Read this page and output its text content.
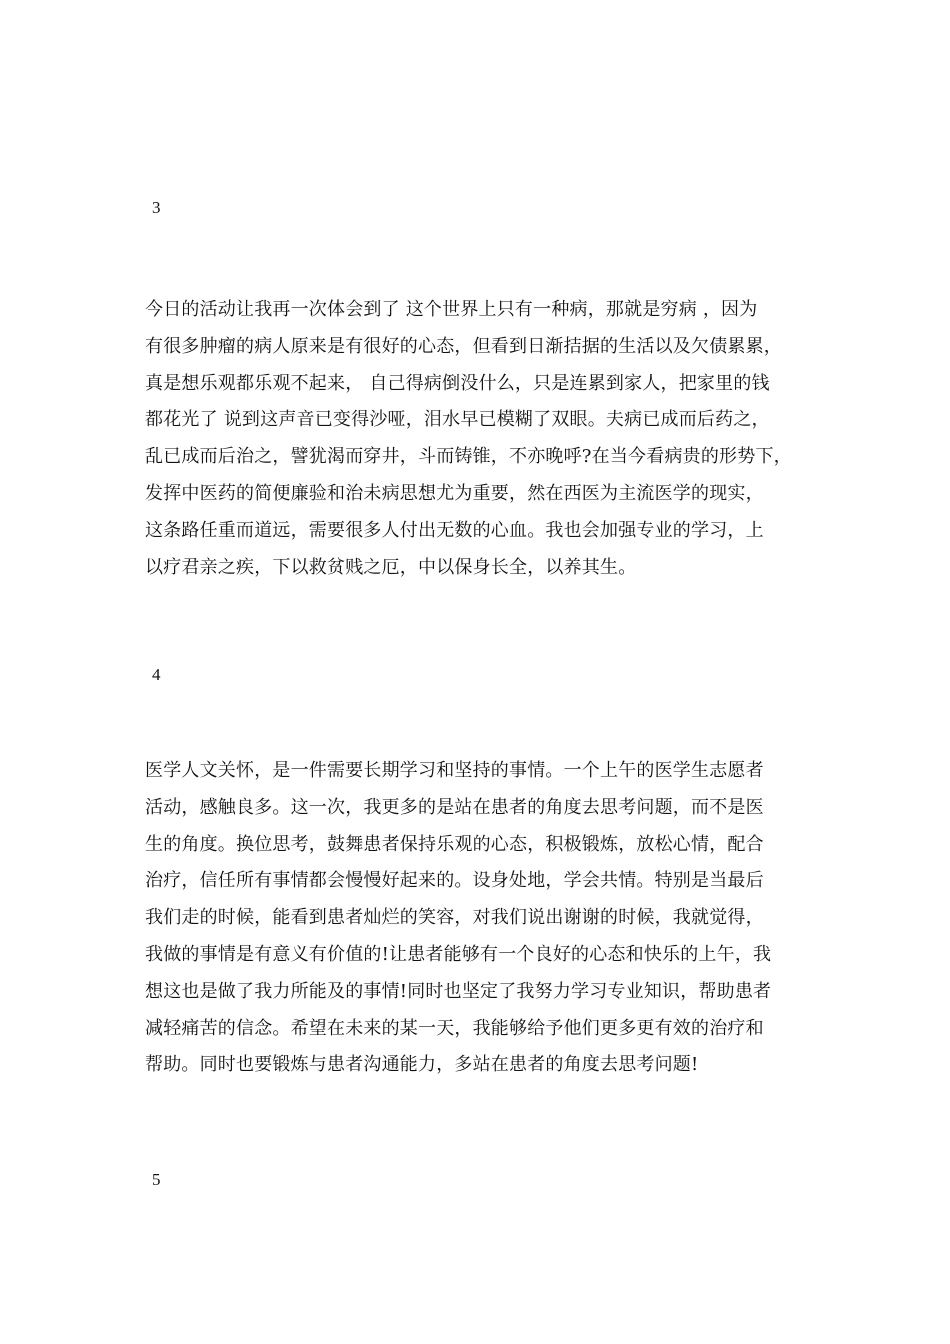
3
今日的活动让我再一次体会到了 这个世界上只有一种病，那就是穷病 ，因为
有很多肿瘤的病人原来是有很好的心态，但看到日渐拮据的生活以及欠债累累，
真是想乐观都乐观不起来， 自己得病倒没什么，只是连累到家人，把家里的钱
都花光了 说到这声音已变得沙哑，泪水早已模糊了双眼。夫病已成而后药之，
乱已成而后治之，譬犹渴而穿井，斗而铸锥，不亦晚呼?在当今看病贵的形势下，
发挥中医药的简便廉验和治未病思想尤为重要，然在西医为主流医学的现实，
这条路任重而道远，需要很多人付出无数的心血。我也会加强专业的学习，上
以疗君亲之疾，下以救贫贱之厄，中以保身长全，以养其生。
4
医学人文关怀，是一件需要长期学习和坚持的事情。一个上午的医学生志愿者
活动，感触良多。这一次，我更多的是站在患者的角度去思考问题，而不是医
生的角度。换位思考，鼓舞患者保持乐观的心态，积极锻炼，放松心情，配合
治疗，信任所有事情都会慢慢好起来的。设身处地，学会共情。特别是当最后
我们走的时候，能看到患者灿烂的笑容，对我们说出谢谢的时候，我就觉得，
我做的事情是有意义有价值的!让患者能够有一个良好的心态和快乐的上午，我
想这也是做了我力所能及的事情!同时也坚定了我努力学习专业知识，帮助患者
减轻痛苦的信念。希望在未来的某一天，我能够给予他们更多更有效的治疗和
帮助。同时也要锻炼与患者沟通能力，多站在患者的角度去思考问题!
5
